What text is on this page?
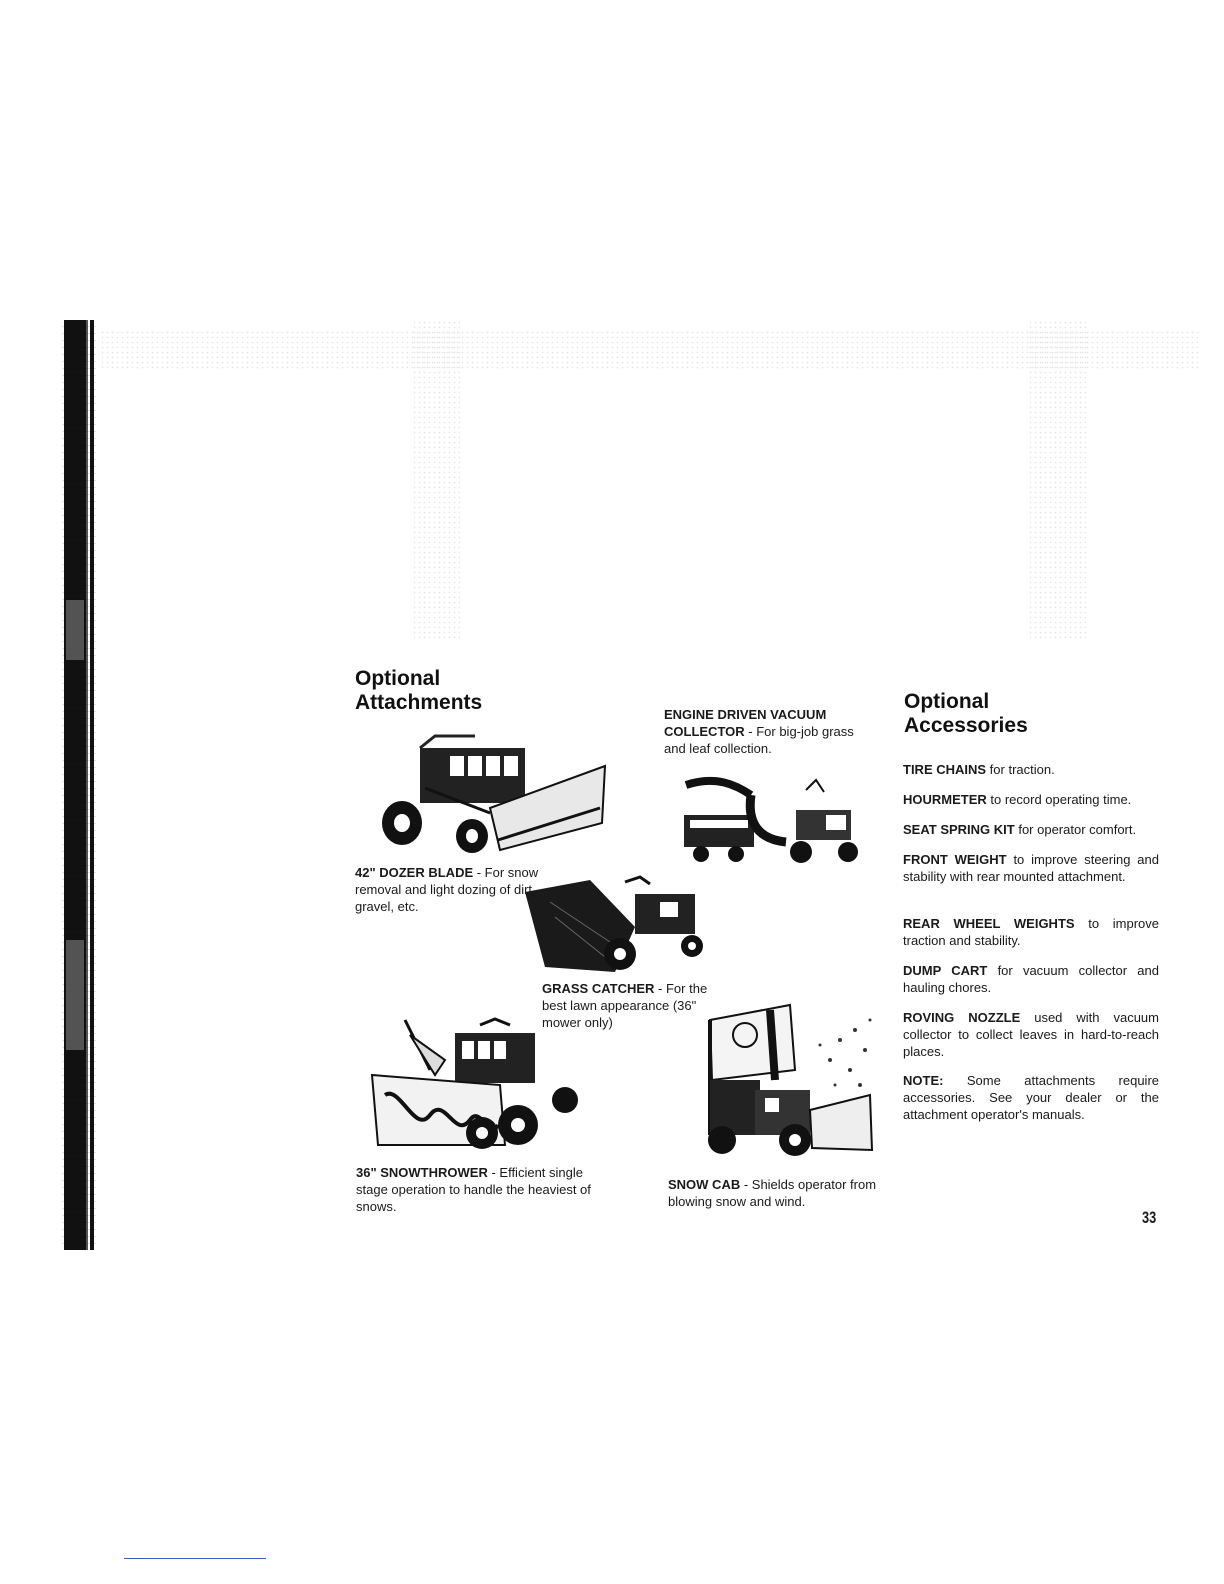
Optional
Attachments

42" DOZER BLADE - For snow removal and light dozing of dirt, gravel, etc.

ENGINE DRIVEN VACUUM COLLECTOR - For big-job grass and leaf collection.

GRASS CATCHER - For the best lawn appearance (36" mower only)

36" SNOWTHROWER - Efficient single stage operation to handle the heaviest of snows.

SNOW CAB - Shields operator from blowing snow and wind.

Optional
Accessories

TIRE CHAINS for traction.

HOURMETER to record operating time.

SEAT SPRING KIT for operator comfort.

FRONT WEIGHT to improve steering and stability with rear mounted attachment.

REAR WHEEL WEIGHTS to improve traction and stability.

DUMP CART for vacuum collector and hauling chores.

ROVING NOZZLE used with vacuum collector to collect leaves in hard-to-reach places.

NOTE: Some attachments require accessories. See your dealer or the attachment operator's manuals.

33
